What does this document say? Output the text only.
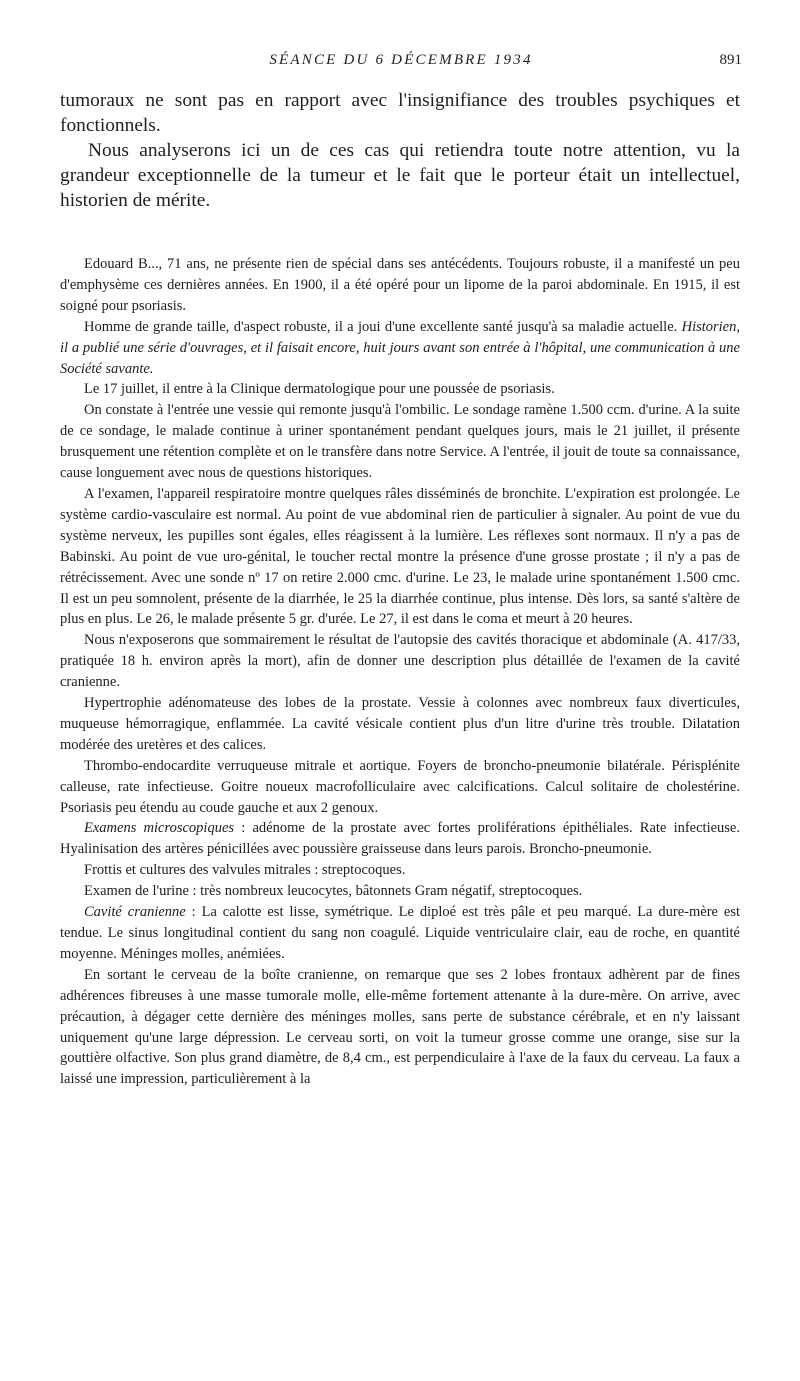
SÉANCE DU 6 DÉCEMBRE 1934	891

tumoraux ne sont pas en rapport avec l'insignifiance des troubles psychiques et fonctionnels.

Nous analyserons ici un de ces cas qui retiendra toute notre attention, vu la grandeur exceptionnelle de la tumeur et le fait que le porteur était un intellectuel, historien de mérite.

Edouard B..., 71 ans, ne présente rien de spécial dans ses antécédents. Toujours robuste, il a manifesté un peu d'emphysème ces dernières années. En 1900, il a été opéré pour un lipome de la paroi abdominale. En 1915, il est soigné pour psoriasis.

Homme de grande taille, d'aspect robuste, il a joui d'une excellente santé jusqu'à sa maladie actuelle. Historien, il a publié une série d'ouvrages, et il faisait encore, huit jours avant son entrée à l'hôpital, une communication à une Société savante.

Le 17 juillet, il entre à la Clinique dermatologique pour une poussée de psoriasis.

On constate à l'entrée une vessie qui remonte jusqu'à l'ombilic. Le sondage ramène 1.500 ccm. d'urine. A la suite de ce sondage, le malade continue à uriner spontanément pendant quelques jours, mais le 21 juillet, il présente brusquement une rétention complète et on le transfère dans notre Service. A l'entrée, il jouit de toute sa connaissance, cause longuement avec nous de questions historiques.

A l'examen, l'appareil respiratoire montre quelques râles disséminés de bronchite. L'expiration est prolongée. Le système cardio-vasculaire est normal. Au point de vue abdominal rien de particulier à signaler. Au point de vue du système nerveux, les pupilles sont égales, elles réagissent à la lumière. Les réflexes sont normaux. Il n'y a pas de Babinski. Au point de vue uro-génital, le toucher rectal montre la présence d'une grosse prostate ; il n'y a pas de rétrécissement. Avec une sonde nº 17 on retire 2.000 cmc. d'urine. Le 23, le malade urine spontanément 1.500 cmc. Il est un peu somnolent, présente de la diarrhée, le 25 la diarrhée continue, plus intense. Dès lors, sa santé s'altère de plus en plus. Le 26, le malade présente 5 gr. d'urée. Le 27, il est dans le coma et meurt à 20 heures.

Nous n'exposerons que sommairement le résultat de l'autopsie des cavités thoracique et abdominale (A. 417/33, pratiquée 18 h. environ après la mort), afin de donner une description plus détaillée de l'examen de la cavité cranienne.

Hypertrophie adénomateuse des lobes de la prostate. Vessie à colonnes avec nombreux faux diverticules, muqueuse hémorragique, enflammée. La cavité vésicale contient plus d'un litre d'urine très trouble. Dilatation modérée des uretères et des calices.

Thrombo-endocardite verruqueuse mitrale et aortique. Foyers de broncho-pneumonie bilatérale. Périsplénite calleuse, rate infectieuse. Goitre noueux macrofolliculaire avec calcifications. Calcul solitaire de cholestérine. Psoriasis peu étendu au coude gauche et aux 2 genoux.

Examens microscopiques : adénome de la prostate avec fortes proliférations épithéliales. Rate infectieuse. Hyalinisation des artères pénicillées avec poussière graisseuse dans leurs parois. Broncho-pneumonie.

Frottis et cultures des valvules mitrales : streptocoques.

Examen de l'urine : très nombreux leucocytes, bâtonnets Gram négatif, streptocoques.

Cavité cranienne : La calotte est lisse, symétrique. Le diploé est très pâle et peu marqué. La dure-mère est tendue. Le sinus longitudinal contient du sang non coagulé. Liquide ventriculaire clair, eau de roche, en quantité moyenne. Méninges molles, anémiées.

En sortant le cerveau de la boîte cranienne, on remarque que ses 2 lobes frontaux adhèrent par de fines adhérences fibreuses à une masse tumorale molle, elle-même fortement attenante à la dure-mère. On arrive, avec précaution, à dégager cette dernière des méninges molles, sans perte de substance cérébrale, et en n'y laissant uniquement qu'une large dépression. Le cerveau sorti, on voit la tumeur grosse comme une orange, sise sur la gouttière olfactive. Son plus grand diamètre, de 8,4 cm., est perpendiculaire à l'axe de la faux du cerveau. La faux a laissé une impression, particulièrement à la
